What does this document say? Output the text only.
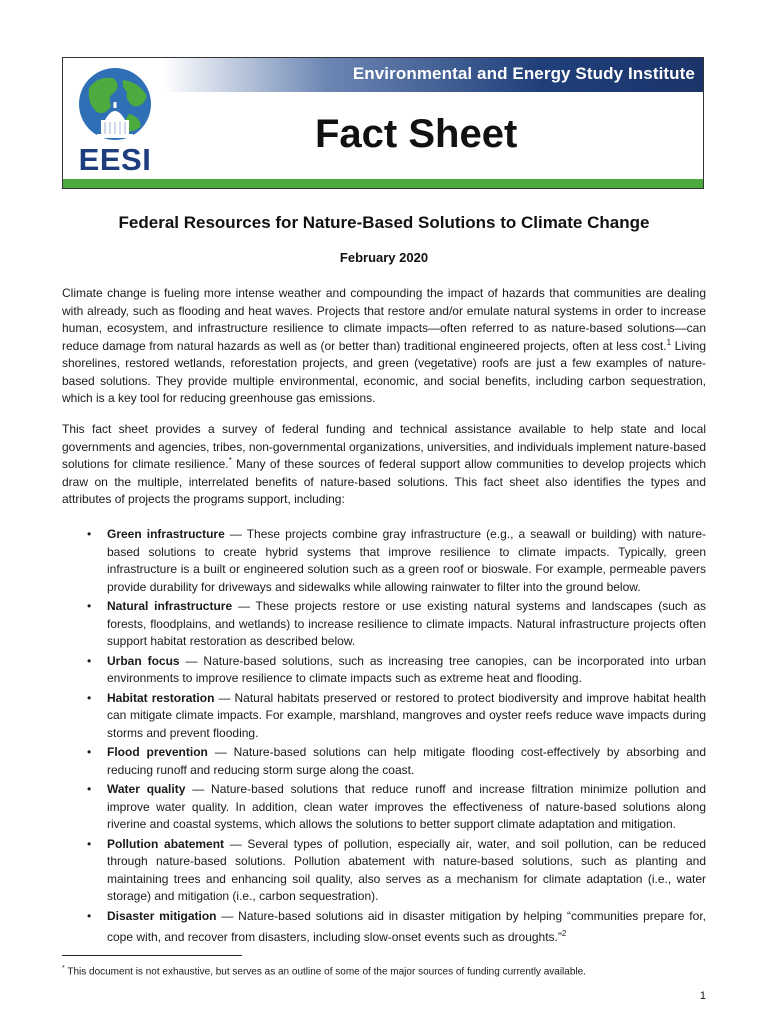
Environmental and Energy Study Institute
EESI
Fact Sheet
Federal Resources for Nature-Based Solutions to Climate Change
February 2020

Climate change is fueling more intense weather and compounding the impact of hazards that communities are dealing with already, such as flooding and heat waves. Projects that restore and/or emulate natural systems in order to increase human, ecosystem, and infrastructure resilience to climate impacts—often referred to as nature-based solutions—can reduce damage from natural hazards as well as (or better than) traditional engineered projects, often at less cost.$^1$ Living shorelines, restored wetlands, reforestation projects, and green (vegetative) roofs are just a few examples of nature-based solutions. They provide multiple environmental, economic, and social benefits, including carbon sequestration, which is a key tool for reducing greenhouse gas emissions.

This fact sheet provides a survey of federal funding and technical assistance available to help state and local governments and agencies, tribes, non-governmental organizations, universities, and individuals implement nature-based solutions for climate resilience.* Many of these sources of federal support allow communities to develop projects which draw on the multiple, interrelated benefits of nature-based solutions. This fact sheet also identifies the types and attributes of projects the programs support, including:

• Green infrastructure — These projects combine gray infrastructure (e.g., a seawall or building) with nature-based solutions to create hybrid systems that improve resilience to climate impacts. Typically, green infrastructure is a built or engineered solution such as a green roof or bioswale. For example, permeable pavers provide durability for driveways and sidewalks while allowing rainwater to filter into the ground below.
• Natural infrastructure — These projects restore or use existing natural systems and landscapes (such as forests, floodplains, and wetlands) to increase resilience to climate impacts. Natural infrastructure projects often support habitat restoration as described below.
• Urban focus — Nature-based solutions, such as increasing tree canopies, can be incorporated into urban environments to improve resilience to climate impacts such as extreme heat and flooding.
• Habitat restoration — Natural habitats preserved or restored to protect biodiversity and improve habitat health can mitigate climate impacts. For example, marshland, mangroves and oyster reefs reduce wave impacts during storms and prevent flooding.
• Flood prevention — Nature-based solutions can help mitigate flooding cost-effectively by absorbing and reducing runoff and reducing storm surge along the coast.
• Water quality — Nature-based solutions that reduce runoff and increase filtration minimize pollution and improve water quality. In addition, clean water improves the effectiveness of nature-based solutions along riverine and coastal systems, which allows the solutions to better support climate adaptation and mitigation.
• Pollution abatement — Several types of pollution, especially air, water, and soil pollution, can be reduced through nature-based solutions. Pollution abatement with nature-based solutions, such as planting and maintaining trees and enhancing soil quality, also serves as a mechanism for climate adaptation (i.e., water storage) and mitigation (i.e., carbon sequestration).
• Disaster mitigation — Nature-based solutions aid in disaster mitigation by helping “communities prepare for, cope with, and recover from disasters, including slow-onset events such as droughts.”$^2$
* This document is not exhaustive, but serves as an outline of some of the major sources of funding currently available.
1
